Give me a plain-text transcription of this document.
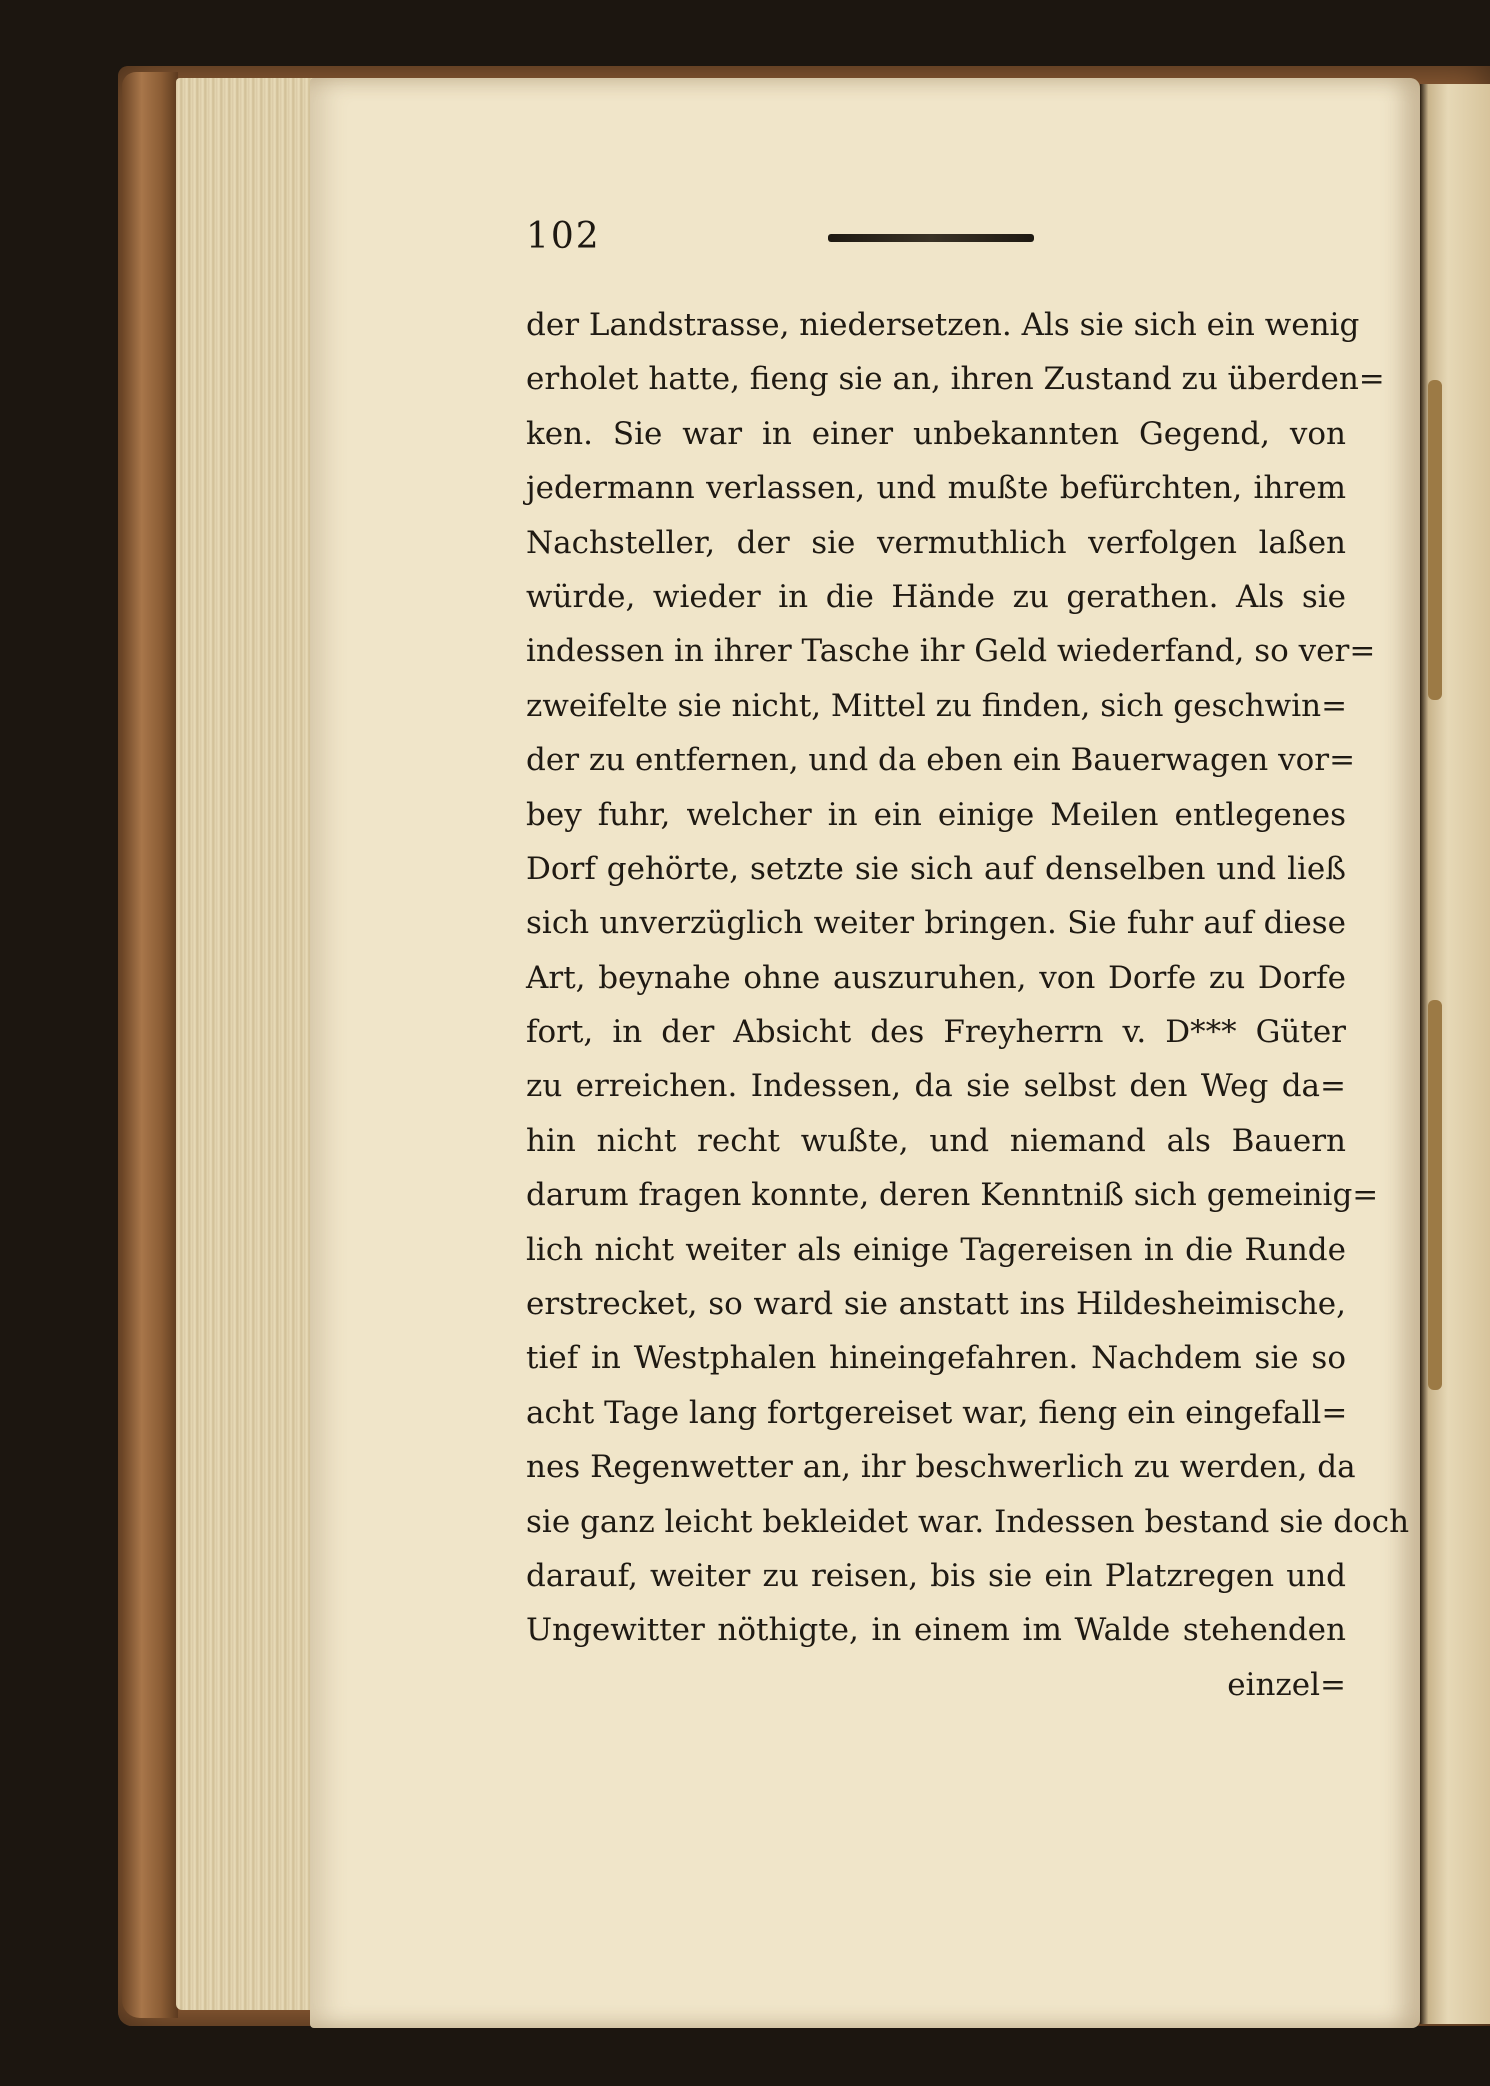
102
der Landstrasse, niedersetzen. Als sie sich ein wenig
erholet hatte, fieng sie an, ihren Zustand zu überden=
ken. Sie war in einer unbekannten Gegend, von
jedermann verlassen, und mußte befürchten, ihrem
Nachsteller, der sie vermuthlich verfolgen laßen
würde, wieder in die Hände zu gerathen. Als sie
indessen in ihrer Tasche ihr Geld wiederfand, so ver=
zweifelte sie nicht, Mittel zu finden, sich geschwin=
der zu entfernen, und da eben ein Bauerwagen vor=
bey fuhr, welcher in ein einige Meilen entlegenes
Dorf gehörte, setzte sie sich auf denselben und ließ
sich unverzüglich weiter bringen. Sie fuhr auf diese
Art, beynahe ohne auszuruhen, von Dorfe zu Dorfe
fort, in der Absicht des Freyherrn v. D*** Güter
zu erreichen. Indessen, da sie selbst den Weg da=
hin nicht recht wußte, und niemand als Bauern
darum fragen konnte, deren Kenntniß sich gemeinig=
lich nicht weiter als einige Tagereisen in die Runde
erstrecket, so ward sie anstatt ins Hildesheimische,
tief in Westphalen hineingefahren. Nachdem sie so
acht Tage lang fortgereiset war, fieng ein eingefall=
nes Regenwetter an, ihr beschwerlich zu werden, da
sie ganz leicht bekleidet war. Indessen bestand sie doch
darauf, weiter zu reisen, bis sie ein Platzregen und
Ungewitter nöthigte, in einem im Walde stehenden
einzel=
